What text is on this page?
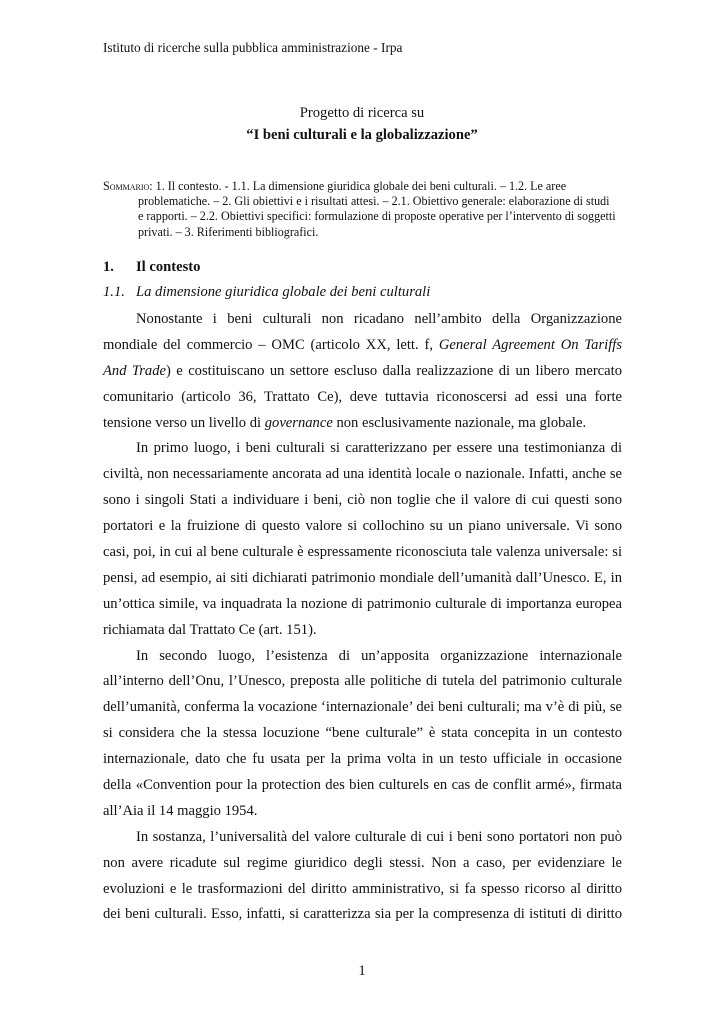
Istituto di ricerche sulla pubblica amministrazione - Irpa
Progetto di ricerca su
“I beni culturali e la globalizzazione”
Sommario: 1. Il contesto. - 1.1. La dimensione giuridica globale dei beni culturali. – 1.2. Le aree
problematiche. – 2. Gli obiettivi e i risultati attesi. – 2.1. Obiettivo generale: elaborazione di studi
e rapporti. – 2.2. Obiettivi specifici: formulazione di proposte operative per l’intervento di soggetti
privati. – 3. Riferimenti bibliografici.
1. Il contesto
1.1. La dimensione giuridica globale dei beni culturali

Nonostante i beni culturali non ricadano nell’ambito della Organizzazione
mondiale del commercio – OMC (articolo XX, lett. f, General Agreement On Tariffs
And Trade) e costituiscano un settore escluso dalla realizzazione di un libero mercato
comunitario (articolo 36, Trattato Ce), deve tuttavia riconoscersi ad essi una forte
tensione verso un livello di governance non esclusivamente nazionale, ma globale.

In primo luogo, i beni culturali si caratterizzano per essere una testimonianza di
civiltà, non necessariamente ancorata ad una identità locale o nazionale. Infatti, anche se
sono i singoli Stati a individuare i beni, ciò non toglie che il valore di cui questi sono
portatori e la fruizione di questo valore si collochino su un piano universale. Vi sono
casi, poi, in cui al bene culturale è espressamente riconosciuta tale valenza universale: si
pensi, ad esempio, ai siti dichiarati patrimonio mondiale dell’umanità dall’Unesco. E, in
un’ottica simile, va inquadrata la nozione di patrimonio culturale di importanza europea
richiamata dal Trattato Ce (art. 151).

In secondo luogo, l’esistenza di un’apposita organizzazione internazionale
all’interno dell’Onu, l’Unesco, preposta alle politiche di tutela del patrimonio culturale
dell’umanità, conferma la vocazione ‘internazionale’ dei beni culturali; ma v’è di più, se
si considera che la stessa locuzione “bene culturale” è stata concepita in un contesto
internazionale, dato che fu usata per la prima volta in un testo ufficiale in occasione
della «Convention pour la protection des bien culturels en cas de conflit armé», firmata
all’Aia il 14 maggio 1954.

In sostanza, l’universalità del valore culturale di cui i beni sono portatori non può
non avere ricadute sul regime giuridico degli stessi. Non a caso, per evidenziare le
evoluzioni e le trasformazioni del diritto amministrativo, si fa spesso ricorso al diritto
dei beni culturali. Esso, infatti, si caratterizza sia per la compresenza di istituti di diritto

1
